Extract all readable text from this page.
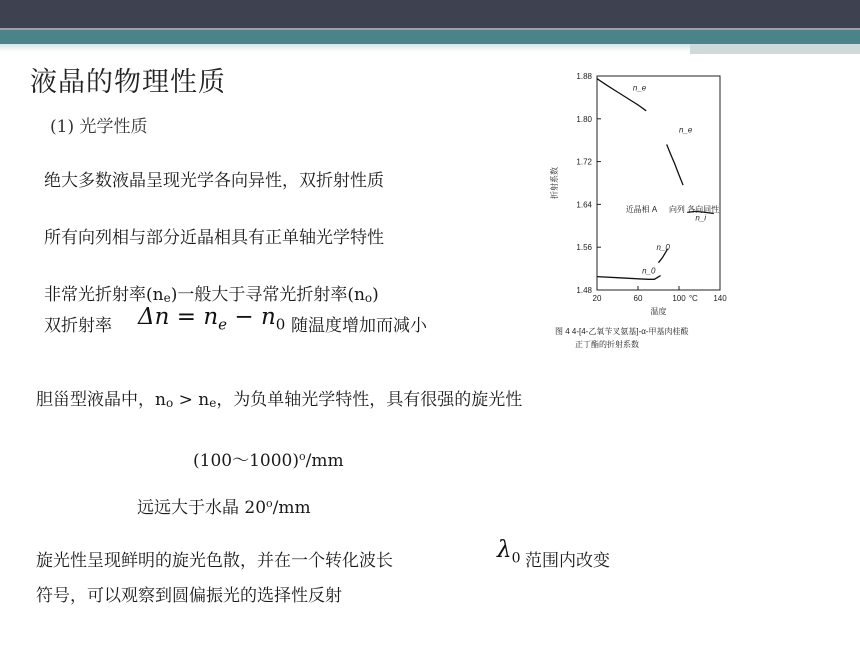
液晶的物理性质
(1) 光学性质
绝大多数液晶呈现光学各向异性，双折射性质
所有向列相与部分近晶相具有正单轴光学特性
非常光折射率$(n_e)$一般大于寻常光折射率$(n_o)$
双折射率 $\Delta n = n_e - n_0$ 随温度增加而减小
胆甾型液晶中，$n_o > n_e$，为负单轴光学特性，具有很强的旋光性
(100～1000)$^o$/mm
远远大于水晶 20$^o$/mm
旋光性呈现鲜明的旋光色散，并在一个转化波长	$\lambda_0$ 范围内改变
符号，可以观察到圆偏振光的选择性反射
1.88
1.80
1.72
1.64
1.56
1.48
20	60	100 °C 140
折射系数
温度
近晶相 A 向列 各向同性
n_e
n_e
n_i
n_0
n_0
图 4 4-[4-乙氧苄叉氨基]-α-甲基肉桂酸
正丁酯的折射系数
